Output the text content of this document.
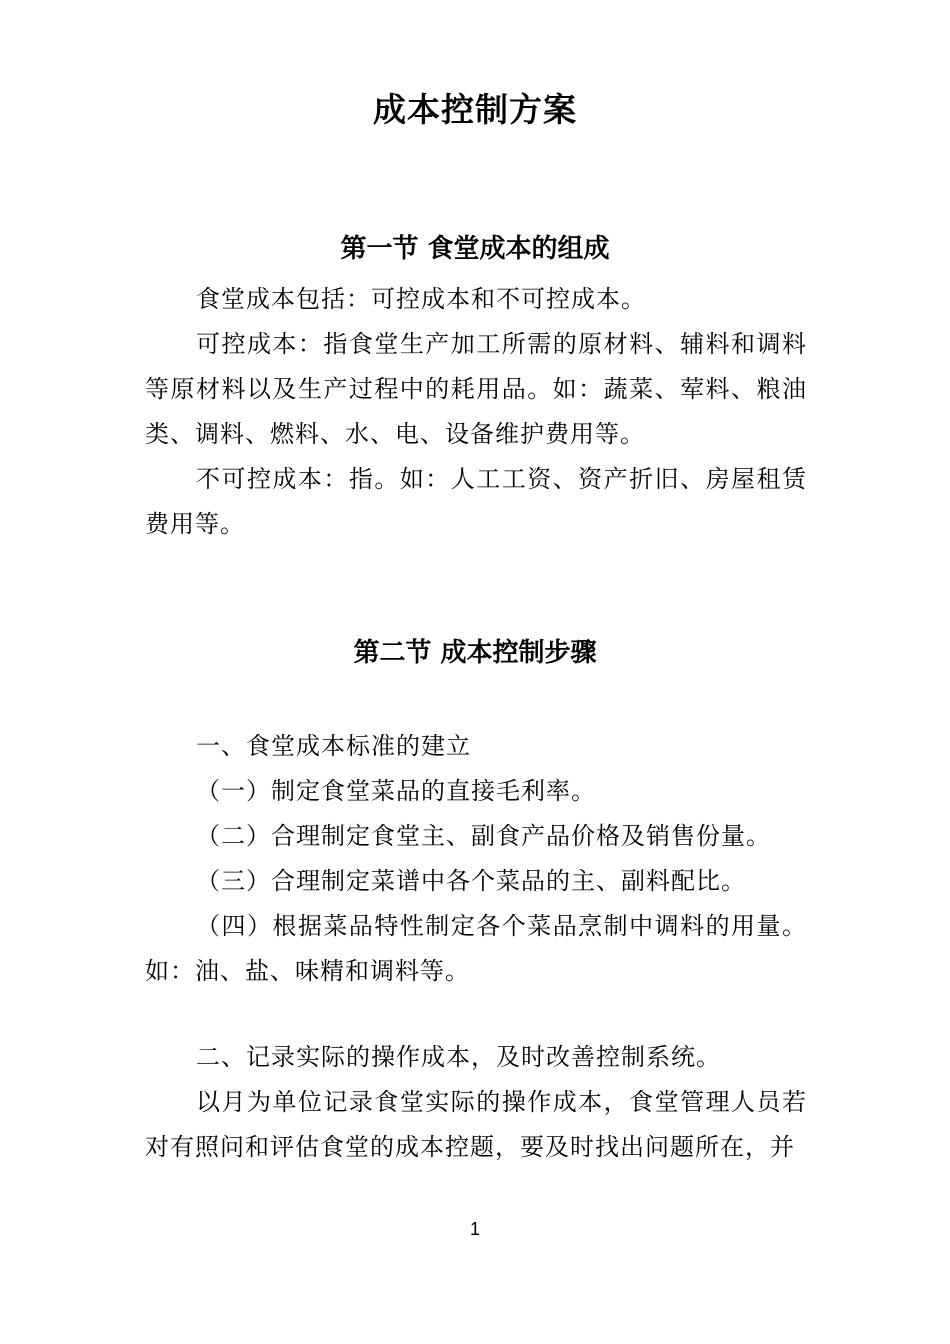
成本控制方案
第一节 食堂成本的组成

食堂成本包括：可控成本和不可控成本。

可控成本：指食堂生产加工所需的原材料、辅料和调料等原材料以及生产过程中的耗用品。如：蔬菜、荤料、粮油类、调料、燃料、水、电、设备维护费用等。

不可控成本：指。如：人工工资、资产折旧、房屋租赁费用等。

第二节 成本控制步骤

一、食堂成本标准的建立

（一）制定食堂菜品的直接毛利率。

（二）合理制定食堂主、副食产品价格及销售份量。

（三）合理制定菜谱中各个菜品的主、副料配比。

（四）根据菜品特性制定各个菜品烹制中调料的用量。如：油、盐、味精和调料等。

二、记录实际的操作成本，及时改善控制系统。

以月为单位记录食堂实际的操作成本，食堂管理人员若对有照问和评估食堂的成本控题，要及时找出问题所在，并

1
